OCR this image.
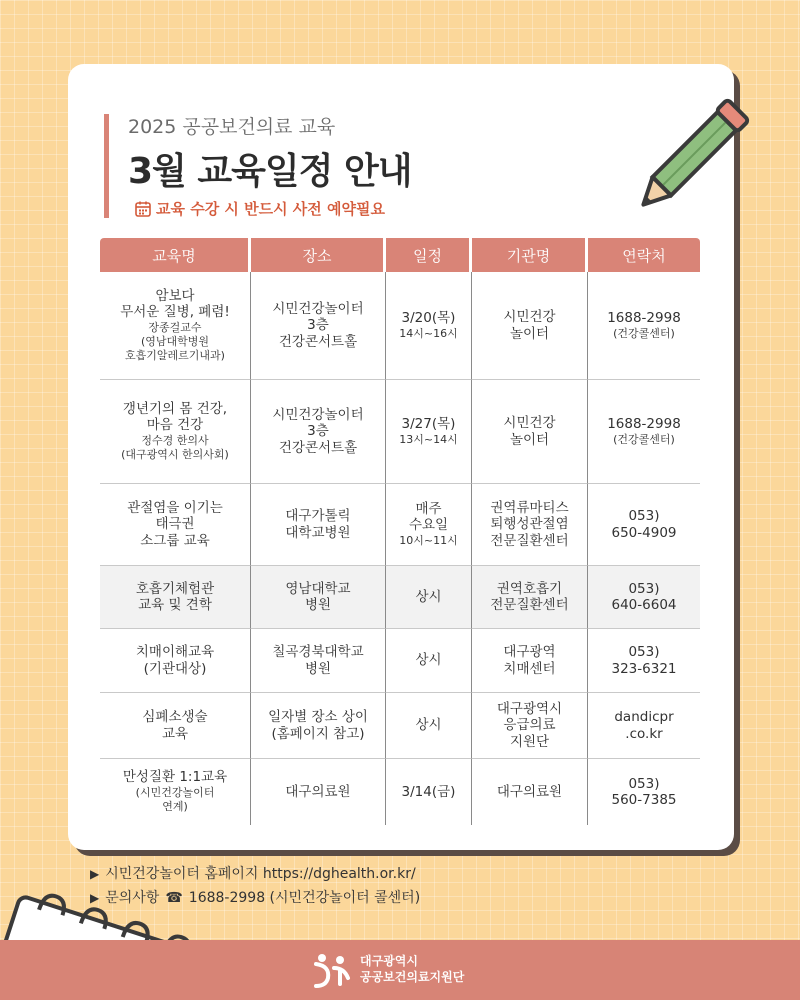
2025 공공보건의료 교육
3월 교육일정 안내
교육 수강 시 반드시 사전 예약필요
교육명	장소	일정	기관명	연락처

암보다
무서운 질병, 폐렴!
장종걸교수
(영남대학병원
호흡기알레르기내과)	시민건강놀이터
3층
건강콘서트홀	3/20(목)
14시~16시	시민건강
놀이터	1688-2998
(건강콜센터)

갱년기의 몸 건강,
마음 건강
정수경 한의사
(대구광역시 한의사회)	시민건강놀이터
3층
건강콘서트홀	3/27(목)
13시~14시	시민건강
놀이터	1688-2998
(건강콜센터)

관절염을 이기는
태극권
소그룹 교육	대구가톨릭
대학교병원	매주
수요일
10시~11시	권역류마티스
퇴행성관절염
전문질환센터	053)
650-4909

호흡기체험관
교육 및 견학	영남대학교
병원	상시	권역호흡기
전문질환센터	053)
640-6604

치매이해교육
(기관대상)	칠곡경북대학교
병원	상시	대구광역
치매센터	053)
323-6321

심폐소생술
교육	일자별 장소 상이
(홈페이지 참고)	상시	대구광역시
응급의료
지원단	dandicpr
.co.kr

만성질환 1:1교육
(시민건강놀이터
연계)	대구의료원	3/14(금)	대구의료원	053)
560-7385
▶ 시민건강놀이터 홈페이지 https://dghealth.or.kr/
▶ 문의사항 ☎ 1688-2998 (시민건강놀이터 콜센터)
대구광역시
공공보건의료지원단
